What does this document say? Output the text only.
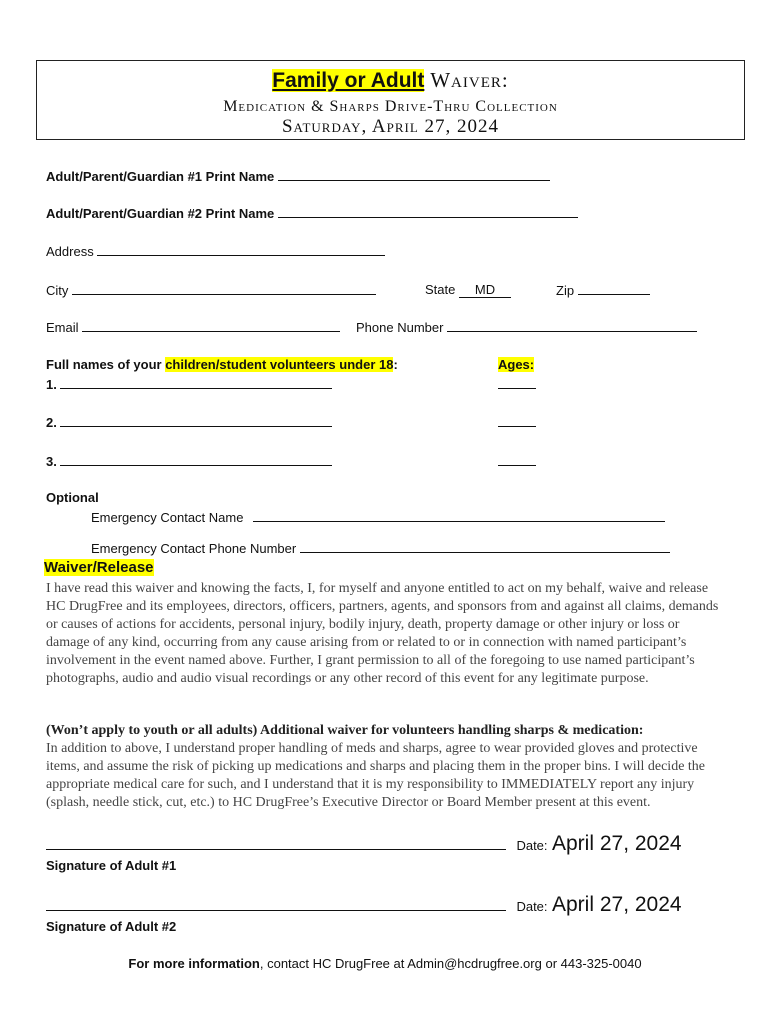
Family or Adult Waiver:
Medication & Sharps Drive-Thru Collection
Saturday, April 27, 2024
Adult/Parent/Guardian #1 Print Name
Adult/Parent/Guardian #2 Print Name
Address
City	State MD	Zip
Email	Phone Number
Full names of your children/student volunteers under 18:	Ages:
1.
2.
3.
Optional
Emergency Contact Name
Emergency Contact Phone Number
Waiver/Release
I have read this waiver and knowing the facts, I, for myself and anyone entitled to act on my behalf, waive and release HC DrugFree and its employees, directors, officers, partners, agents, and sponsors from and against all claims, demands or causes of actions for accidents, personal injury, bodily injury, death, property damage or other injury or loss or damage of any kind, occurring from any cause arising from or related to or in connection with named participant’s involvement in the event named above. Further, I grant permission to all of the foregoing to use named participant’s photographs, audio and audio visual recordings or any other record of this event for any legitimate purpose.
(Won’t apply to youth or all adults) Additional waiver for volunteers handling sharps & medication:
In addition to above, I understand proper handling of meds and sharps, agree to wear provided gloves and protective items, and assume the risk of picking up medications and sharps and placing them in the proper bins. I will decide the appropriate medical care for such, and I understand that it is my responsibility to IMMEDIATELY report any injury (splash, needle stick, cut, etc.) to HC DrugFree’s Executive Director or Board Member present at this event.
Date: April 27, 2024
Signature of Adult #1
Date: April 27, 2024
Signature of Adult #2
For more information, contact HC DrugFree at Admin@hcdrugfree.org or 443-325-0040
